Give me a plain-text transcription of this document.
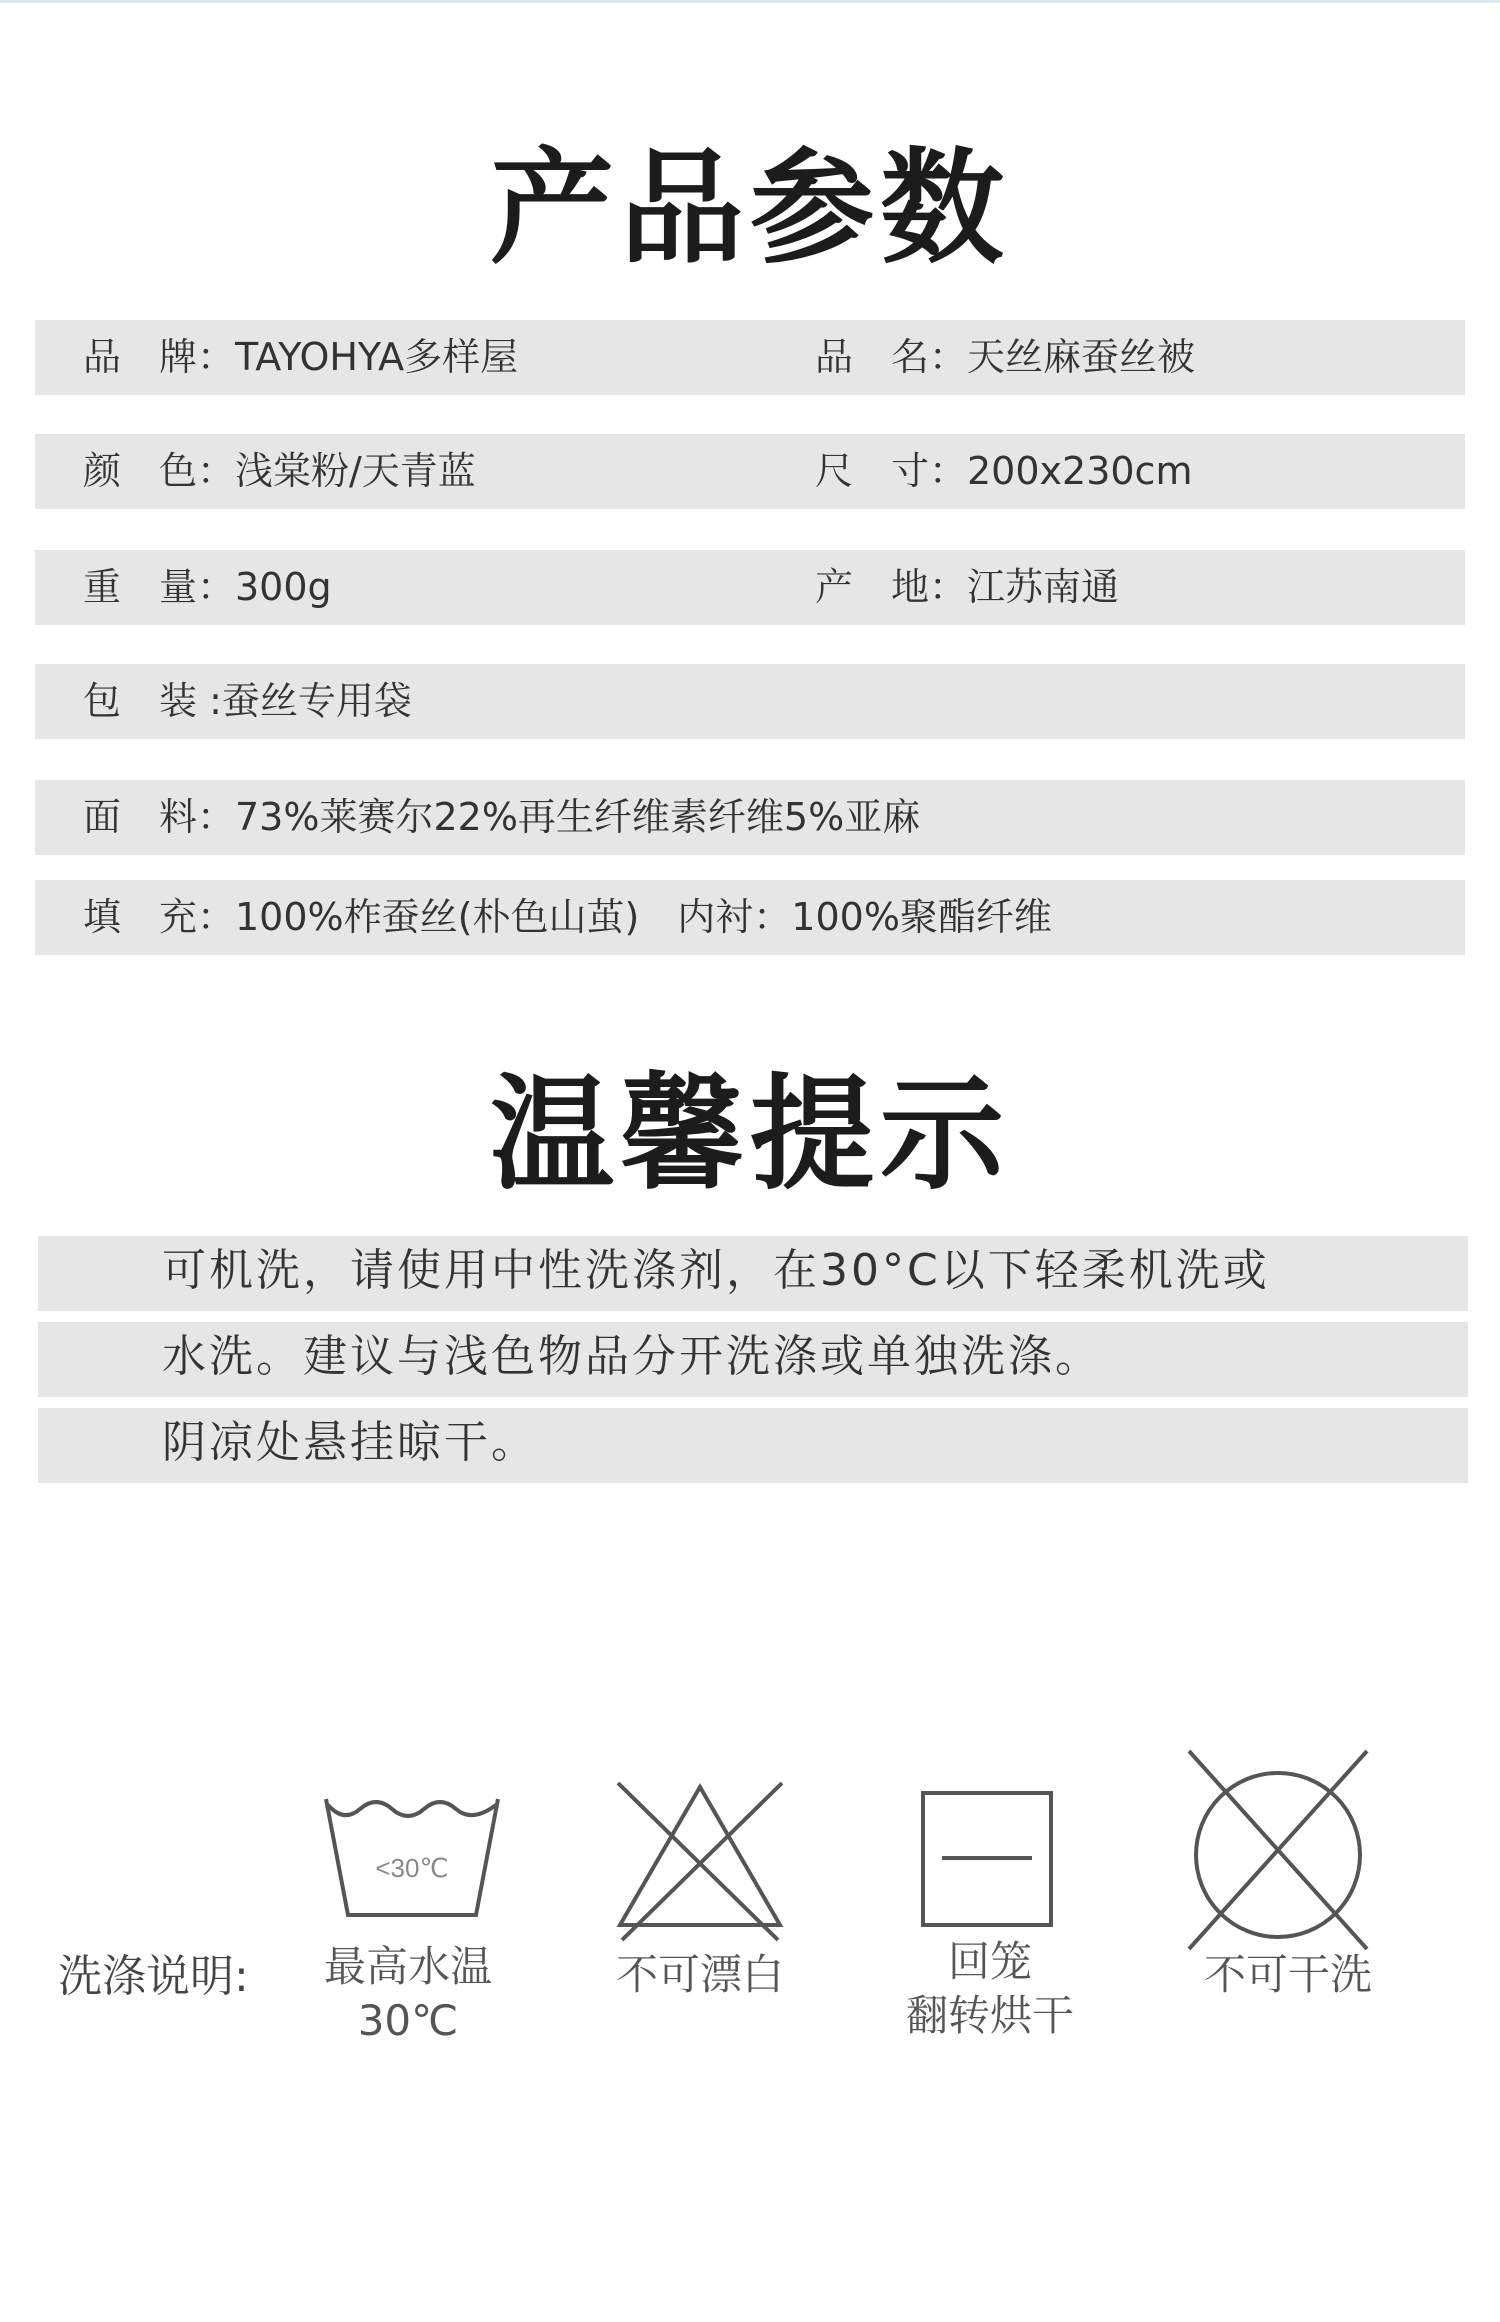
产品参数
品　牌：TAYOHYA多样屋	品　名：天丝麻蚕丝被
颜　色：浅棠粉/天青蓝	尺　寸：200x230cm
重　量：300g	产　地：江苏南通
包　装 :蚕丝专用袋
面　料：73%莱赛尔22%再生纤维素纤维5%亚麻
填　充：100%柞蚕丝(朴色山茧)　内衬：100%聚酯纤维
温馨提示
可机洗，请使用中性洗涤剂，在30°C以下轻柔机洗或
水洗。建议与浅色物品分开洗涤或单独洗涤。
阴凉处悬挂晾干。
洗涤说明:
<30℃
最高水温
30℃
不可漂白	回笼
翻转烘干
不可干洗
